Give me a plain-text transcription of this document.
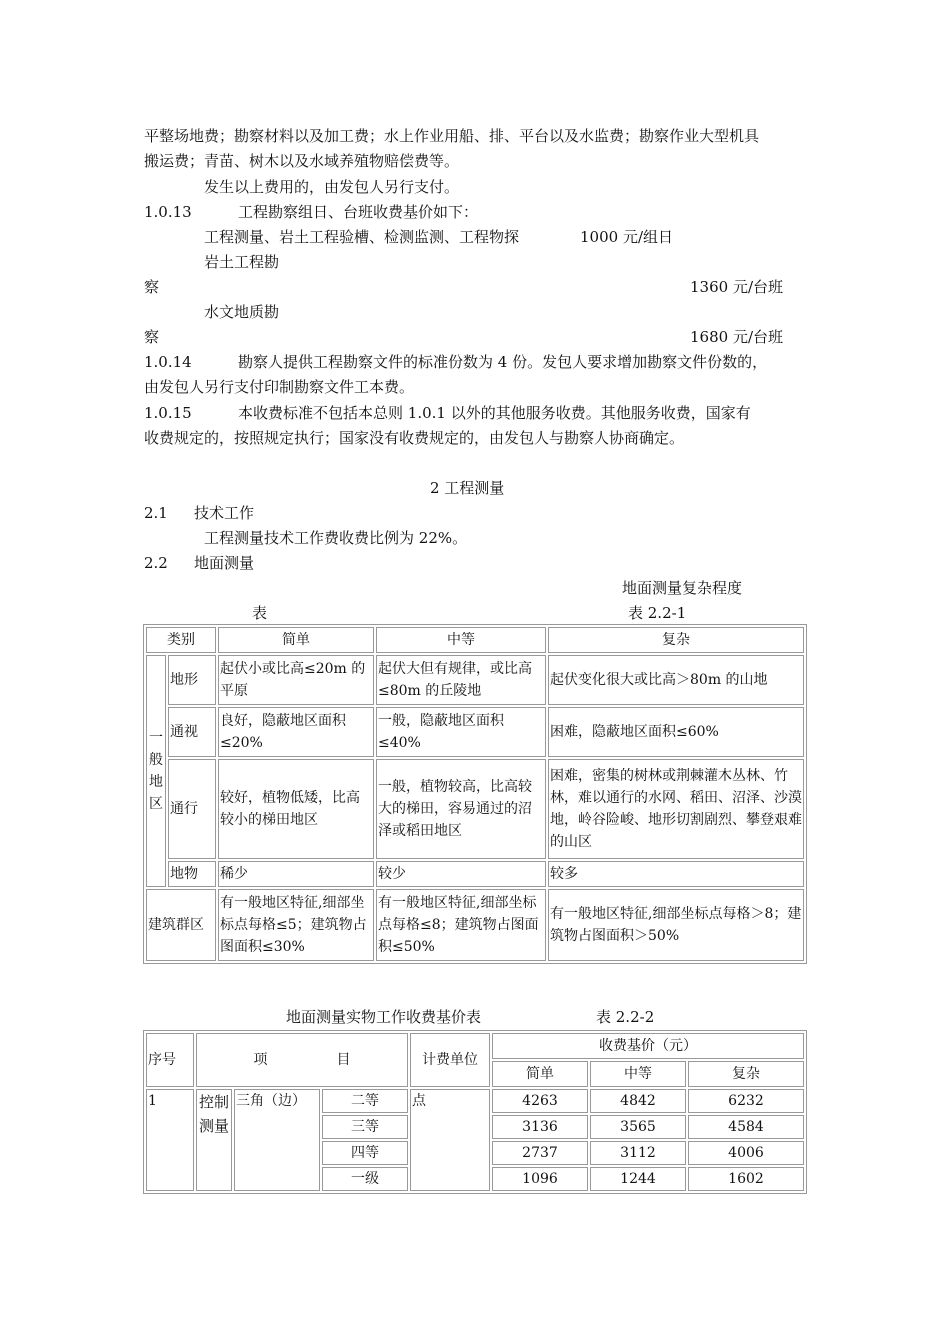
平整场地费；勘察材料以及加工费；水上作业用船、排、平台以及水监费；勘察作业大型机具
搬运费；青苗、树木以及水域养殖物赔偿费等。
发生以上费用的，由发包人另行支付。
1.0.13	工程勘察组日、台班收费基价如下：
工程测量、岩土工程验槽、检测监测、工程物探	1000 元/组日
岩土工程勘
察	1360 元/台班
水文地质勘
察	1680 元/台班
1.0.14	勘察人提供工程勘察文件的标准份数为 4 份。发包人要求增加勘察文件份数的，
由发包人另行支付印制勘察文件工本费。
1.0.15	本收费标准不包括本总则 1.0.1 以外的其他服务收费。其他服务收费，国家有
收费规定的，按照规定执行；国家没有收费规定的，由发包人与勘察人协商确定。
2 工程测量
2.1 技术工作
工程测量技术工作费收费比例为 22%。
2.2 地面测量
地面测量复杂程度
表	表 2.2-1
类别		简单	中等	复杂
一般地区	地形	起伏小或比高≤20m 的平原	起伏大但有规律，或比高≤80m 的丘陵地	起伏变化很大或比高＞80m 的山地
	通视	良好，隐蔽地区面积≤20%	一般，隐蔽地区面积≤40%	困难，隐蔽地区面积≤60%
	通行	较好，植物低矮，比高较小的梯田地区	一般，植物较高，比高较大的梯田，容易通过的沼泽或稻田地区	困难，密集的树林或荆棘灌木丛林、竹林，难以通行的水网、稻田、沼泽、沙漠地，岭谷险峻、地形切割剧烈、攀登艰难的山区
	地物	稀少	较少	较多
建筑群区		有一般地区特征,细部坐标点每格≤5；建筑物占图面积≤30%	有一般地区特征,细部坐标点每格≤8；建筑物占图面积≤50%	有一般地区特征,细部坐标点每格＞8；建筑物占图面积＞50%
地面测量实物工作收费基价表	表 2.2-2
序号	项 目			计费单位	收费基价（元）		
					简单	中等	复杂
1	控制测量	三角（边）	二等	点	4263	4842	6232
			三等		3136	3565	4584
			四等		2737	3112	4006
			一级		1096	1244	1602
